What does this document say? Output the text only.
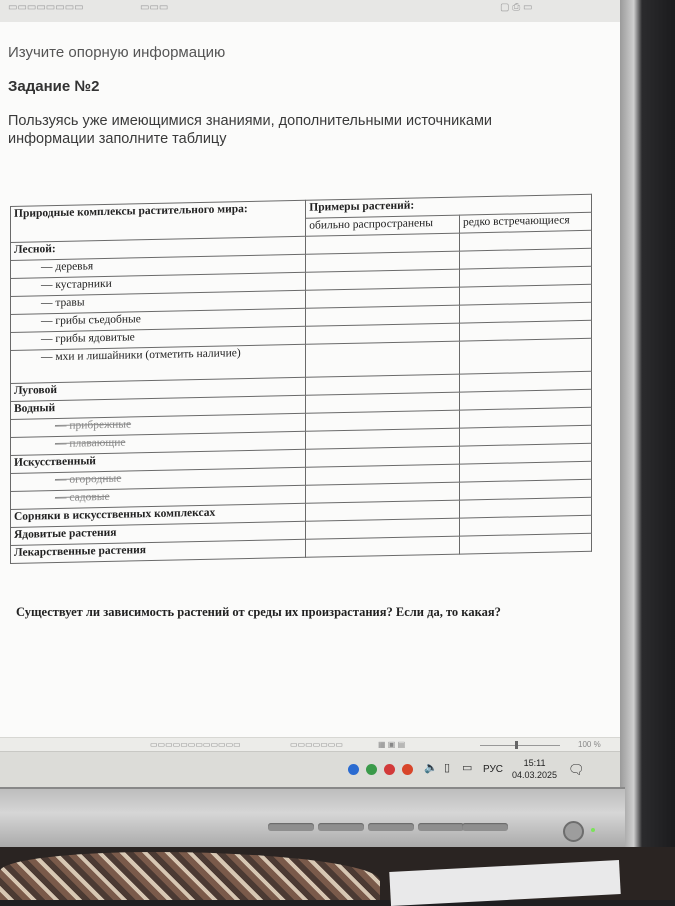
▭▭▭▭▭▭▭▭	▭▭▭	▢ ⎙ ▭
Изучите опорную информацию
Задание №2
Пользуясь уже имеющимися знаниями, дополнительными источниками информации заполните таблицу
Природные комплексы растительного мира:	Примеры растений:	
	обильно распространены	редко встречающиеся
Лесной:		
— деревья		
— кустарники		
— травы		
— грибы съедобные		
— грибы ядовитые		
— мхи и лишайники (отметить наличие)		
Луговой		
Водный		
— прибрежные		
— плавающие		
Искусственный		
— огородные		
— садовые		
Сорняки в искусственных комплексах		
Ядовитые растения		
Лекарственные растения		
Существует ли зависимость растений от среды их произрастания? Если да, то какая?
▭▭▭▭▭▭▭▭▭▭▭▭	▭▭▭▭▭▭▭	▦ ▣ ▤	100 %
🔈 ▯ ▭ РУС
15:11
04.03.2025 🗨
